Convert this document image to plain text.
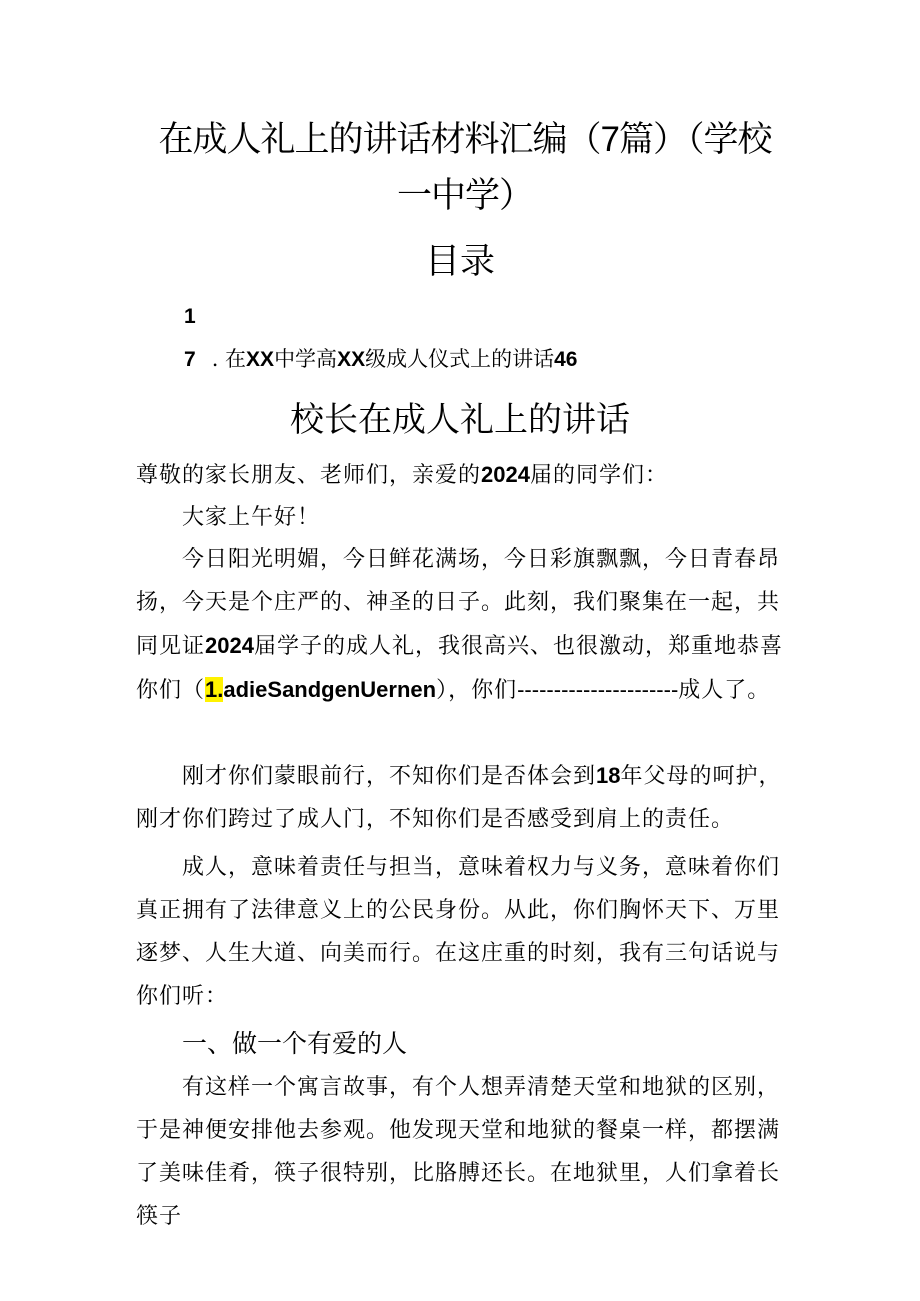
在成人礼上的讲话材料汇编（7篇）（学校
一中学）
目录
1
7 . 在XX中学高XX级成人仪式上的讲话46
校长在成人礼上的讲话
尊敬的家长朋友、老师们，亲爱的2024届的同学们：
大家上午好！
今日阳光明媚，今日鲜花满场，今日彩旗飘飘，今日青春昂扬，今天是个庄严的、神圣的日子。此刻，我们聚集在一起，共同见证2024届学子的成人礼，我很高兴、也很激动，郑重地恭喜你们（1.adieSandgenUernen），你们----------------------成人了。
刚才你们蒙眼前行，不知你们是否体会到18年父母的呵护，刚才你们跨过了成人门，不知你们是否感受到肩上的责任。
成人，意味着责任与担当，意味着权力与义务，意味着你们真正拥有了法律意义上的公民身份。从此，你们胸怀天下、万里逐梦、人生大道、向美而行。在这庄重的时刻，我有三句话说与你们听：
一、做一个有爱的人
有这样一个寓言故事，有个人想弄清楚天堂和地狱的区别，于是神便安排他去参观。他发现天堂和地狱的餐桌一样，都摆满了美味佳肴，筷子很特别，比胳膊还长。在地狱里，人们拿着长筷子
